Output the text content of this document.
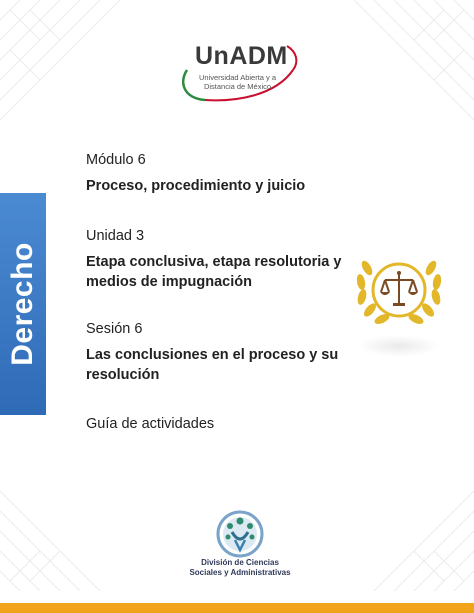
UnADM
Universidad Abierta y a
Distancia de México
Derecho
Módulo 6
Proceso, procedimiento y juicio
Unidad 3
Etapa conclusiva, etapa resolutoria y medios de impugnación
Sesión 6
Las conclusiones en el proceso y su resolución
Guía de actividades
División de Ciencias
Sociales y Administrativas
